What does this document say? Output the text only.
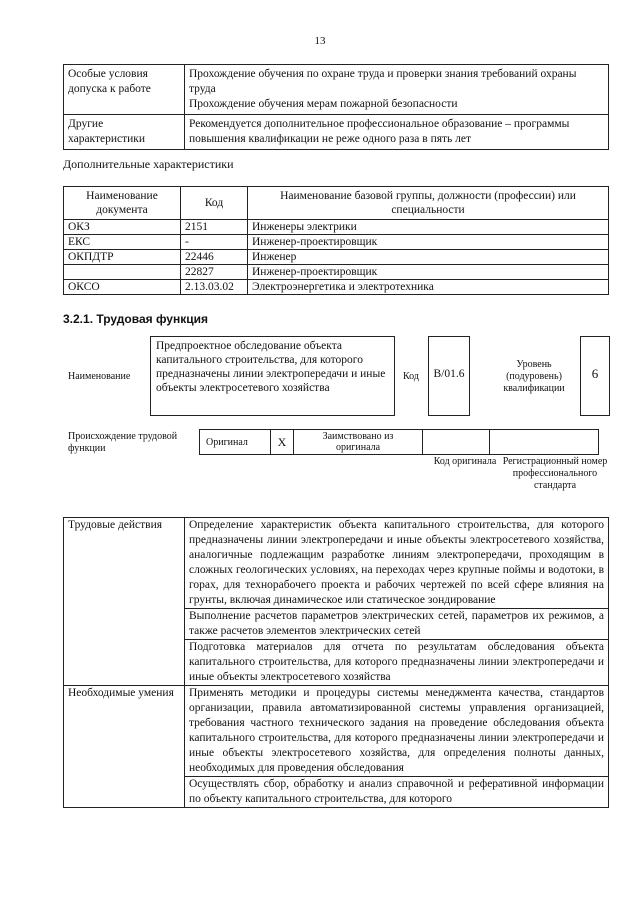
13
Особые условия допуска к работе	Прохождение обучения по охране труда и проверки знания требований охраны труда
Прохождение обучения мерам пожарной безопасности

Другие характеристики	Рекомендуется дополнительное профессиональное образование – программы повышения квалификации не реже одного раза в пять лет
Дополнительные характеристики
Наименование документа	Код	Наименование базовой группы, должности (профессии) или специальности
ОКЗ	2151	Инженеры электрики
ЕКС	-	Инженер-проектировщик
ОКПДТР	22446	Инженер
	22827	Инженер-проектировщик
ОКСО	2.13.03.02	Электроэнергетика и электротехника
3.2.1. Трудовая функция
Наименование
Предпроектное обследование объекта капитального строительства, для которого предназначены линии электропередачи и иные объекты электросетевого хозяйства
Код	B/01.6
Уровень (подуровень) квалификации
6
Происхождение трудовой функции
Оригинал	X	Заимствовано из оригинала		
Код оригинала Регистрационный номер профессионального стандарта
Трудовые действия	Определение характеристик объекта капитального строительства, для которого предназначены линии электропередачи и иные объекты электросетевого хозяйства, аналогичные подлежащим разработке линиям электропередачи, проходящим в сложных геологических условиях, на переходах через крупные поймы и водотоки, в горах, для технорабочего проекта и рабочих чертежей по всей сфере влияния на грунты, включая динамическое или статическое зондирование
	Выполнение расчетов параметров электрических сетей, параметров их режимов, а также расчетов элементов электрических сетей
	Подготовка материалов для отчета по результатам обследования объекта капитального строительства, для которого предназначены линии электропередачи и иные объекты электросетевого хозяйства
Необходимые умения	Применять методики и процедуры системы менеджмента качества, стандартов организации, правила автоматизированной системы управления организацией, требования частного технического задания на проведение обследования объекта капитального строительства, для которого предназначены линии электропередачи и иные объекты электросетевого хозяйства, для определения полноты данных, необходимых для проведения обследования
	Осуществлять сбор, обработку и анализ справочной и реферативной информации по объекту капитального строительства, для которого
